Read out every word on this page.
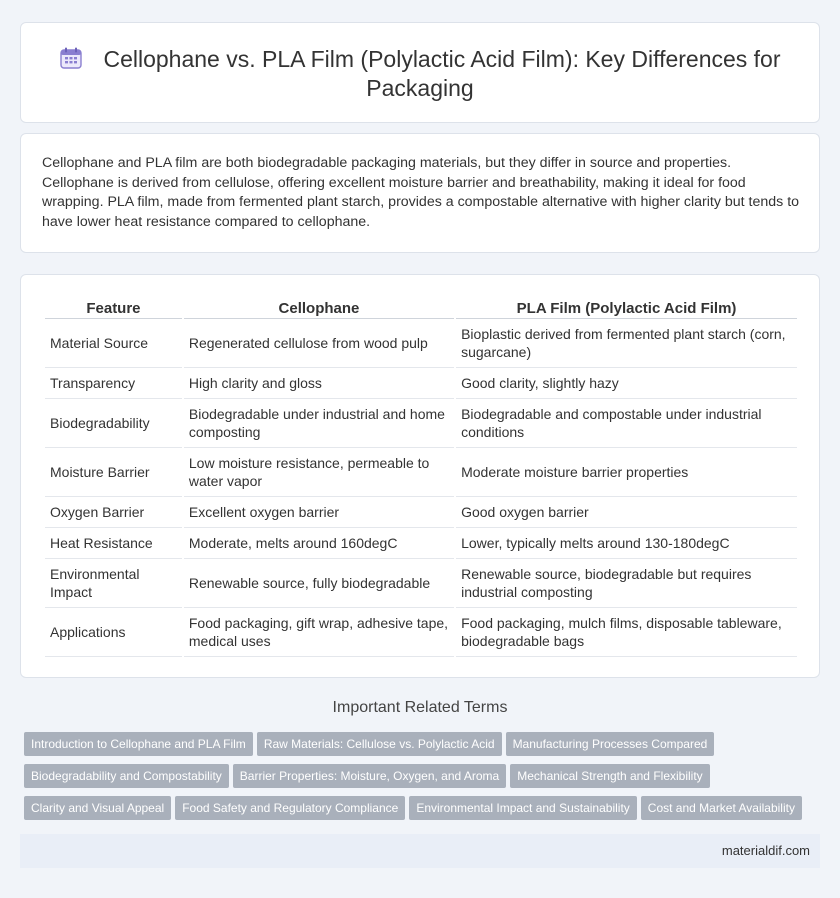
Cellophane vs. PLA Film (Polylactic Acid Film): Key Differences for Packaging

Cellophane and PLA film are both biodegradable packaging materials, but they differ in source and properties. Cellophane is derived from cellulose, offering excellent moisture barrier and breathability, making it ideal for food wrapping. PLA film, made from fermented plant starch, provides a compostable alternative with higher clarity but tends to have lower heat resistance compared to cellophane.

Feature	Cellophane	PLA Film (Polylactic Acid Film)
Material Source	Regenerated cellulose from wood pulp	Bioplastic derived from fermented plant starch (corn, sugarcane)
Transparency	High clarity and gloss	Good clarity, slightly hazy
Biodegradability	Biodegradable under industrial and home composting	Biodegradable and compostable under industrial conditions
Moisture Barrier	Low moisture resistance, permeable to water vapor	Moderate moisture barrier properties
Oxygen Barrier	Excellent oxygen barrier	Good oxygen barrier
Heat Resistance	Moderate, melts around 160degC	Lower, typically melts around 130-180degC
Environmental Impact	Renewable source, fully biodegradable	Renewable source, biodegradable but requires industrial composting
Applications	Food packaging, gift wrap, adhesive tape, medical uses	Food packaging, mulch films, disposable tableware, biodegradable bags
Important Related Terms
Introduction to Cellophane and PLA Film Raw Materials: Cellulose vs. Polylactic Acid Manufacturing Processes Compared
Biodegradability and Compostability Barrier Properties: Moisture, Oxygen, and Aroma Mechanical Strength and Flexibility
Clarity and Visual Appeal Food Safety and Regulatory Compliance Environmental Impact and Sustainability Cost and Market Availability
materialdif.com
